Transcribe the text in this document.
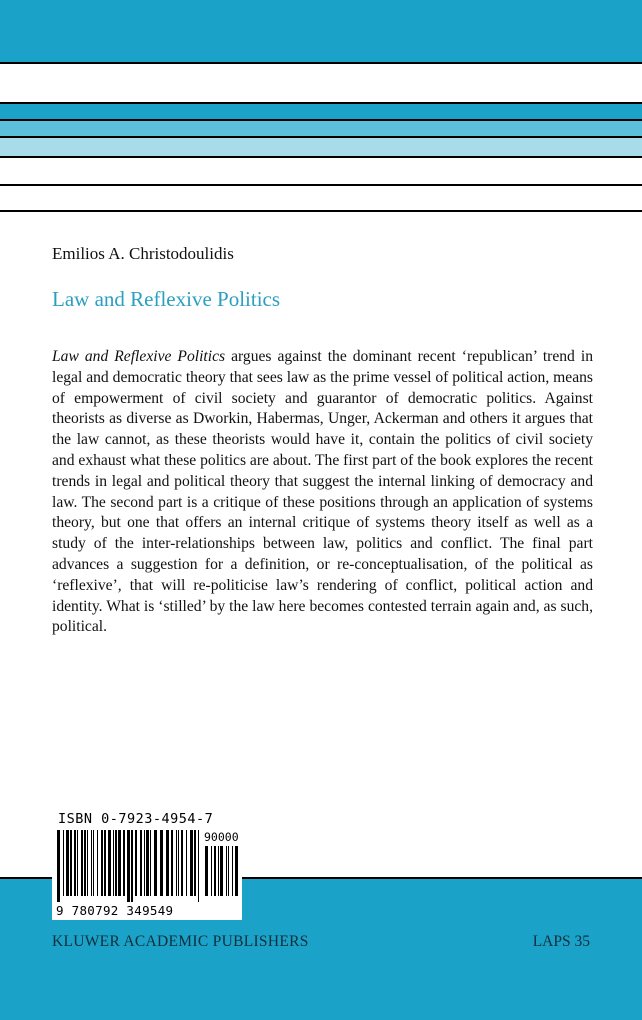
Emilios A. Christodoulidis
Law and Reflexive Politics

Law and Reflexive Politics argues against the dominant recent ‘republican’ trend in legal and democratic theory that sees law as the prime vessel of political action, means of empowerment of civil society and guarantor of democratic politics. Against theorists as diverse as Dworkin, Habermas, Unger, Ackerman and others it argues that the law cannot, as these theorists would have it, contain the politics of civil society and exhaust what these politics are about. The first part of the book explores the recent trends in legal and political theory that suggest the internal linking of democracy and law. The second part is a critique of these positions through an application of systems theory, but one that offers an internal critique of systems theory itself as well as a study of the inter-relationships between law, politics and conflict. The final part advances a suggestion for a definition, or re-conceptualisation, of the political as ‘reflexive’, that will re-politicise law’s rendering of conflict, political action and identity. What is ‘stilled’ by the law here becomes contested terrain again and, as such, political.

ISBN 0-7923-4954-7
90000
9 780792 349549
KLUWER ACADEMIC PUBLISHERS	LAPS 35
